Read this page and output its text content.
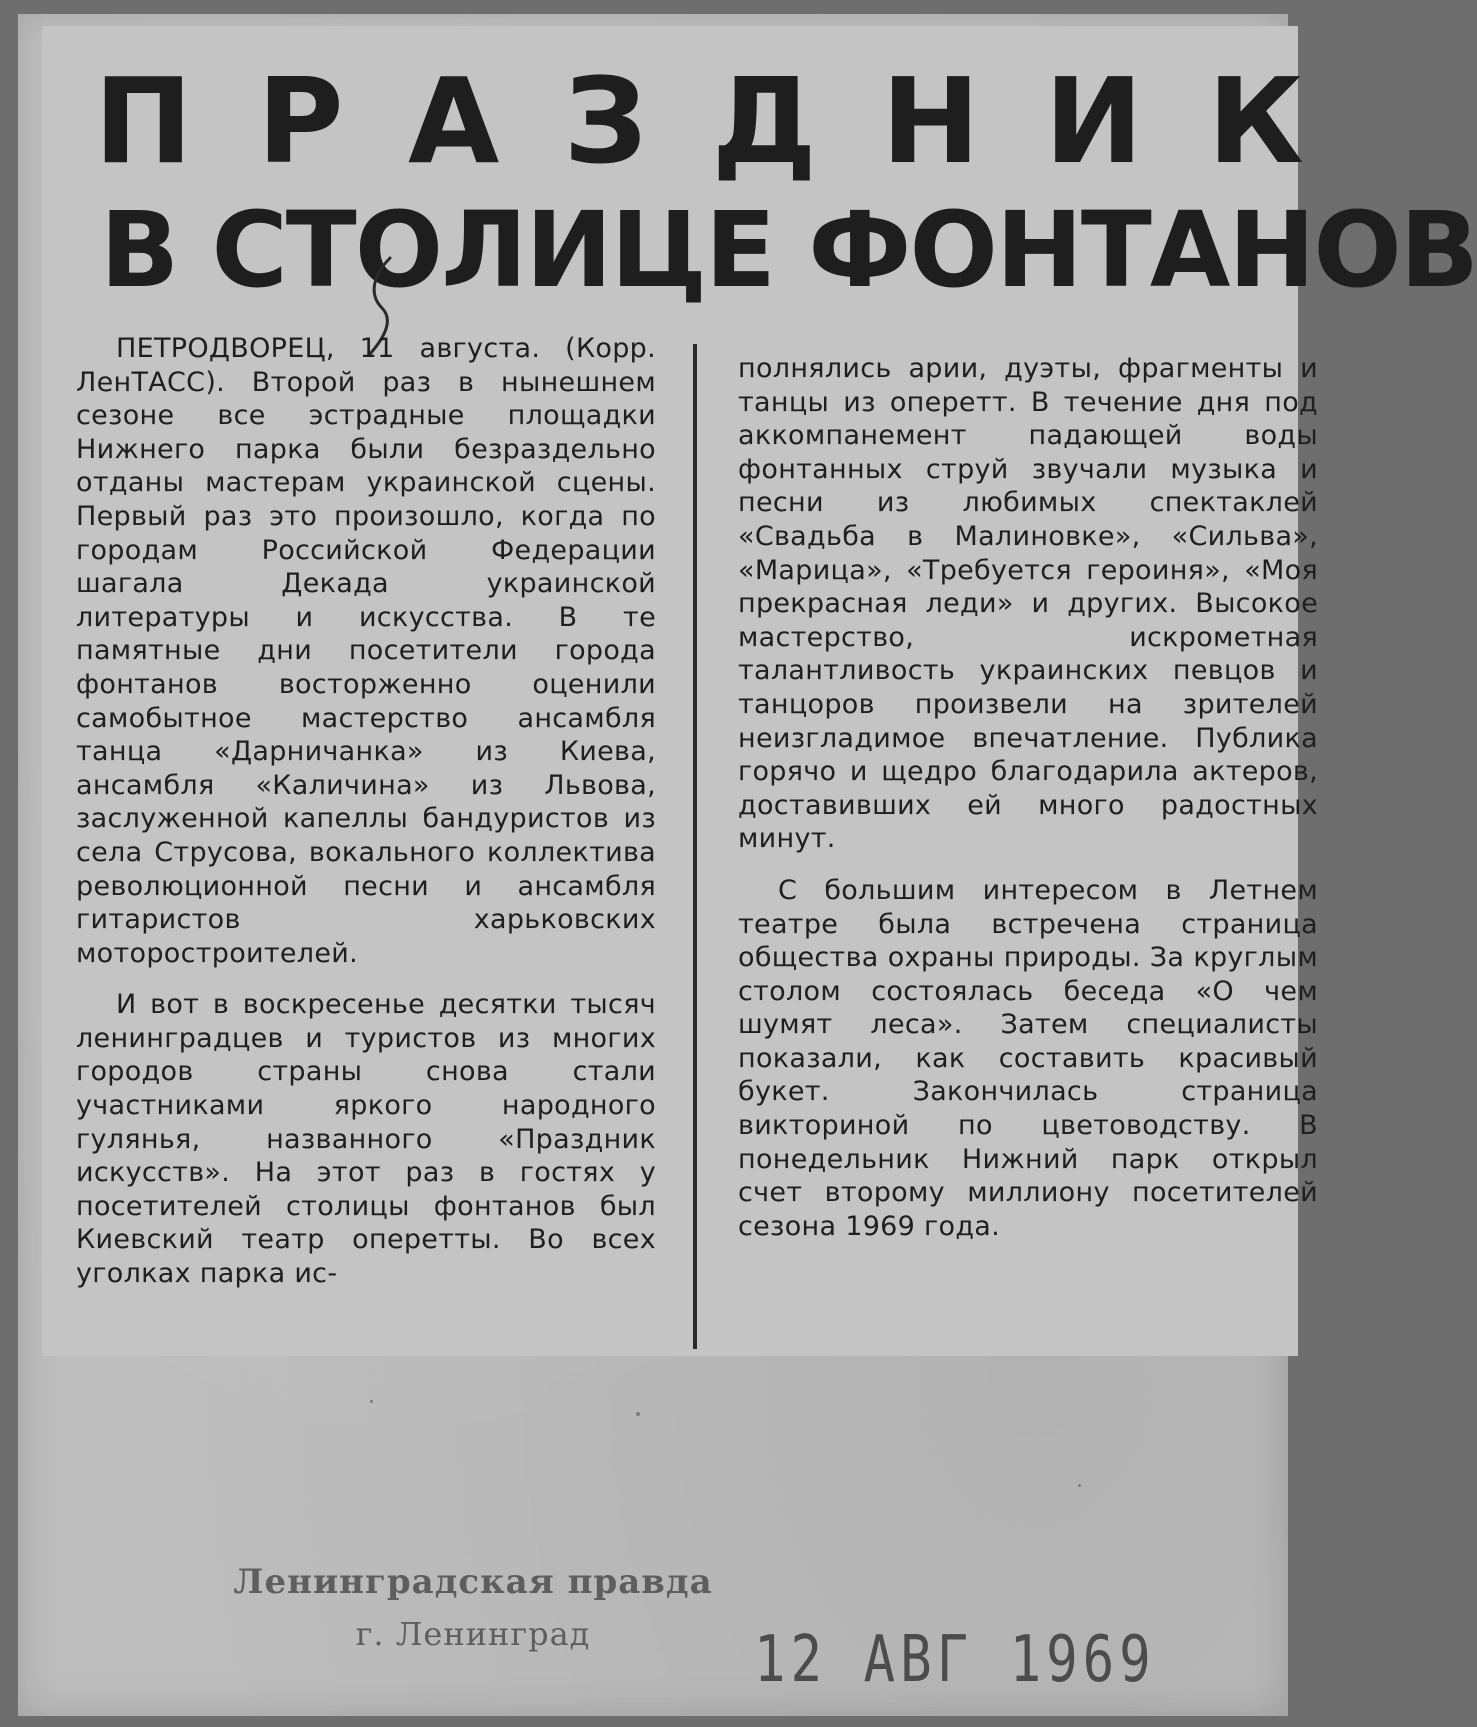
П Р А З Д Н И К
В СТОЛИЦЕ ФОНТАНОВ

ПЕТРОДВОРЕЦ, 11 августа. (Корр. ЛенТАСС). Второй раз в нынешнем сезоне все эстрадные площадки Нижнего парка были безраздельно отданы мастерам украинской сцены. Первый раз это произошло, когда по городам Российской Федерации шагала Декада украинской литературы и искусства. В те памятные дни посетители города фонтанов восторженно оценили самобытное мастерство ансамбля танца «Дарничанка» из Киева, ансамбля «Каличина» из Львова, заслуженной капеллы бандуристов из села Струсова, вокального коллектива революционной песни и ансамбля гитаристов харьковских моторостроителей.

И вот в воскресенье десятки тысяч ленинградцев и туристов из многих городов страны снова стали участниками яркого народного гулянья, названного «Праздник искусств». На этот раз в гостях у посетителей столицы фонтанов был Киевский театр оперетты. Во всех уголках парка ис-

полнялись арии, дуэты, фрагменты и танцы из оперетт. В течение дня под аккомпанемент падающей воды фонтанных струй звучали музыка и песни из любимых спектаклей «Свадьба в Малиновке», «Сильва», «Марица», «Требуется героиня», «Моя прекрасная леди» и других. Высокое мастерство, искрометная талантливость украинских певцов и танцоров произвели на зрителей неизгладимое впечатление. Публика горячо и щедро благодарила актеров, доставивших ей много радостных минут.

С большим интересом в Летнем театре была встречена страница общества охраны природы. За круглым столом состоялась беседа «О чем шумят леса». Затем специалисты показали, как составить красивый букет. Закончилась страница викториной по цветоводству. В понедельник Нижний парк открыл счет второму миллиону посетителей сезона 1969 года.

Ленинградская правда
г. Ленинград	12 АВГ 1969
